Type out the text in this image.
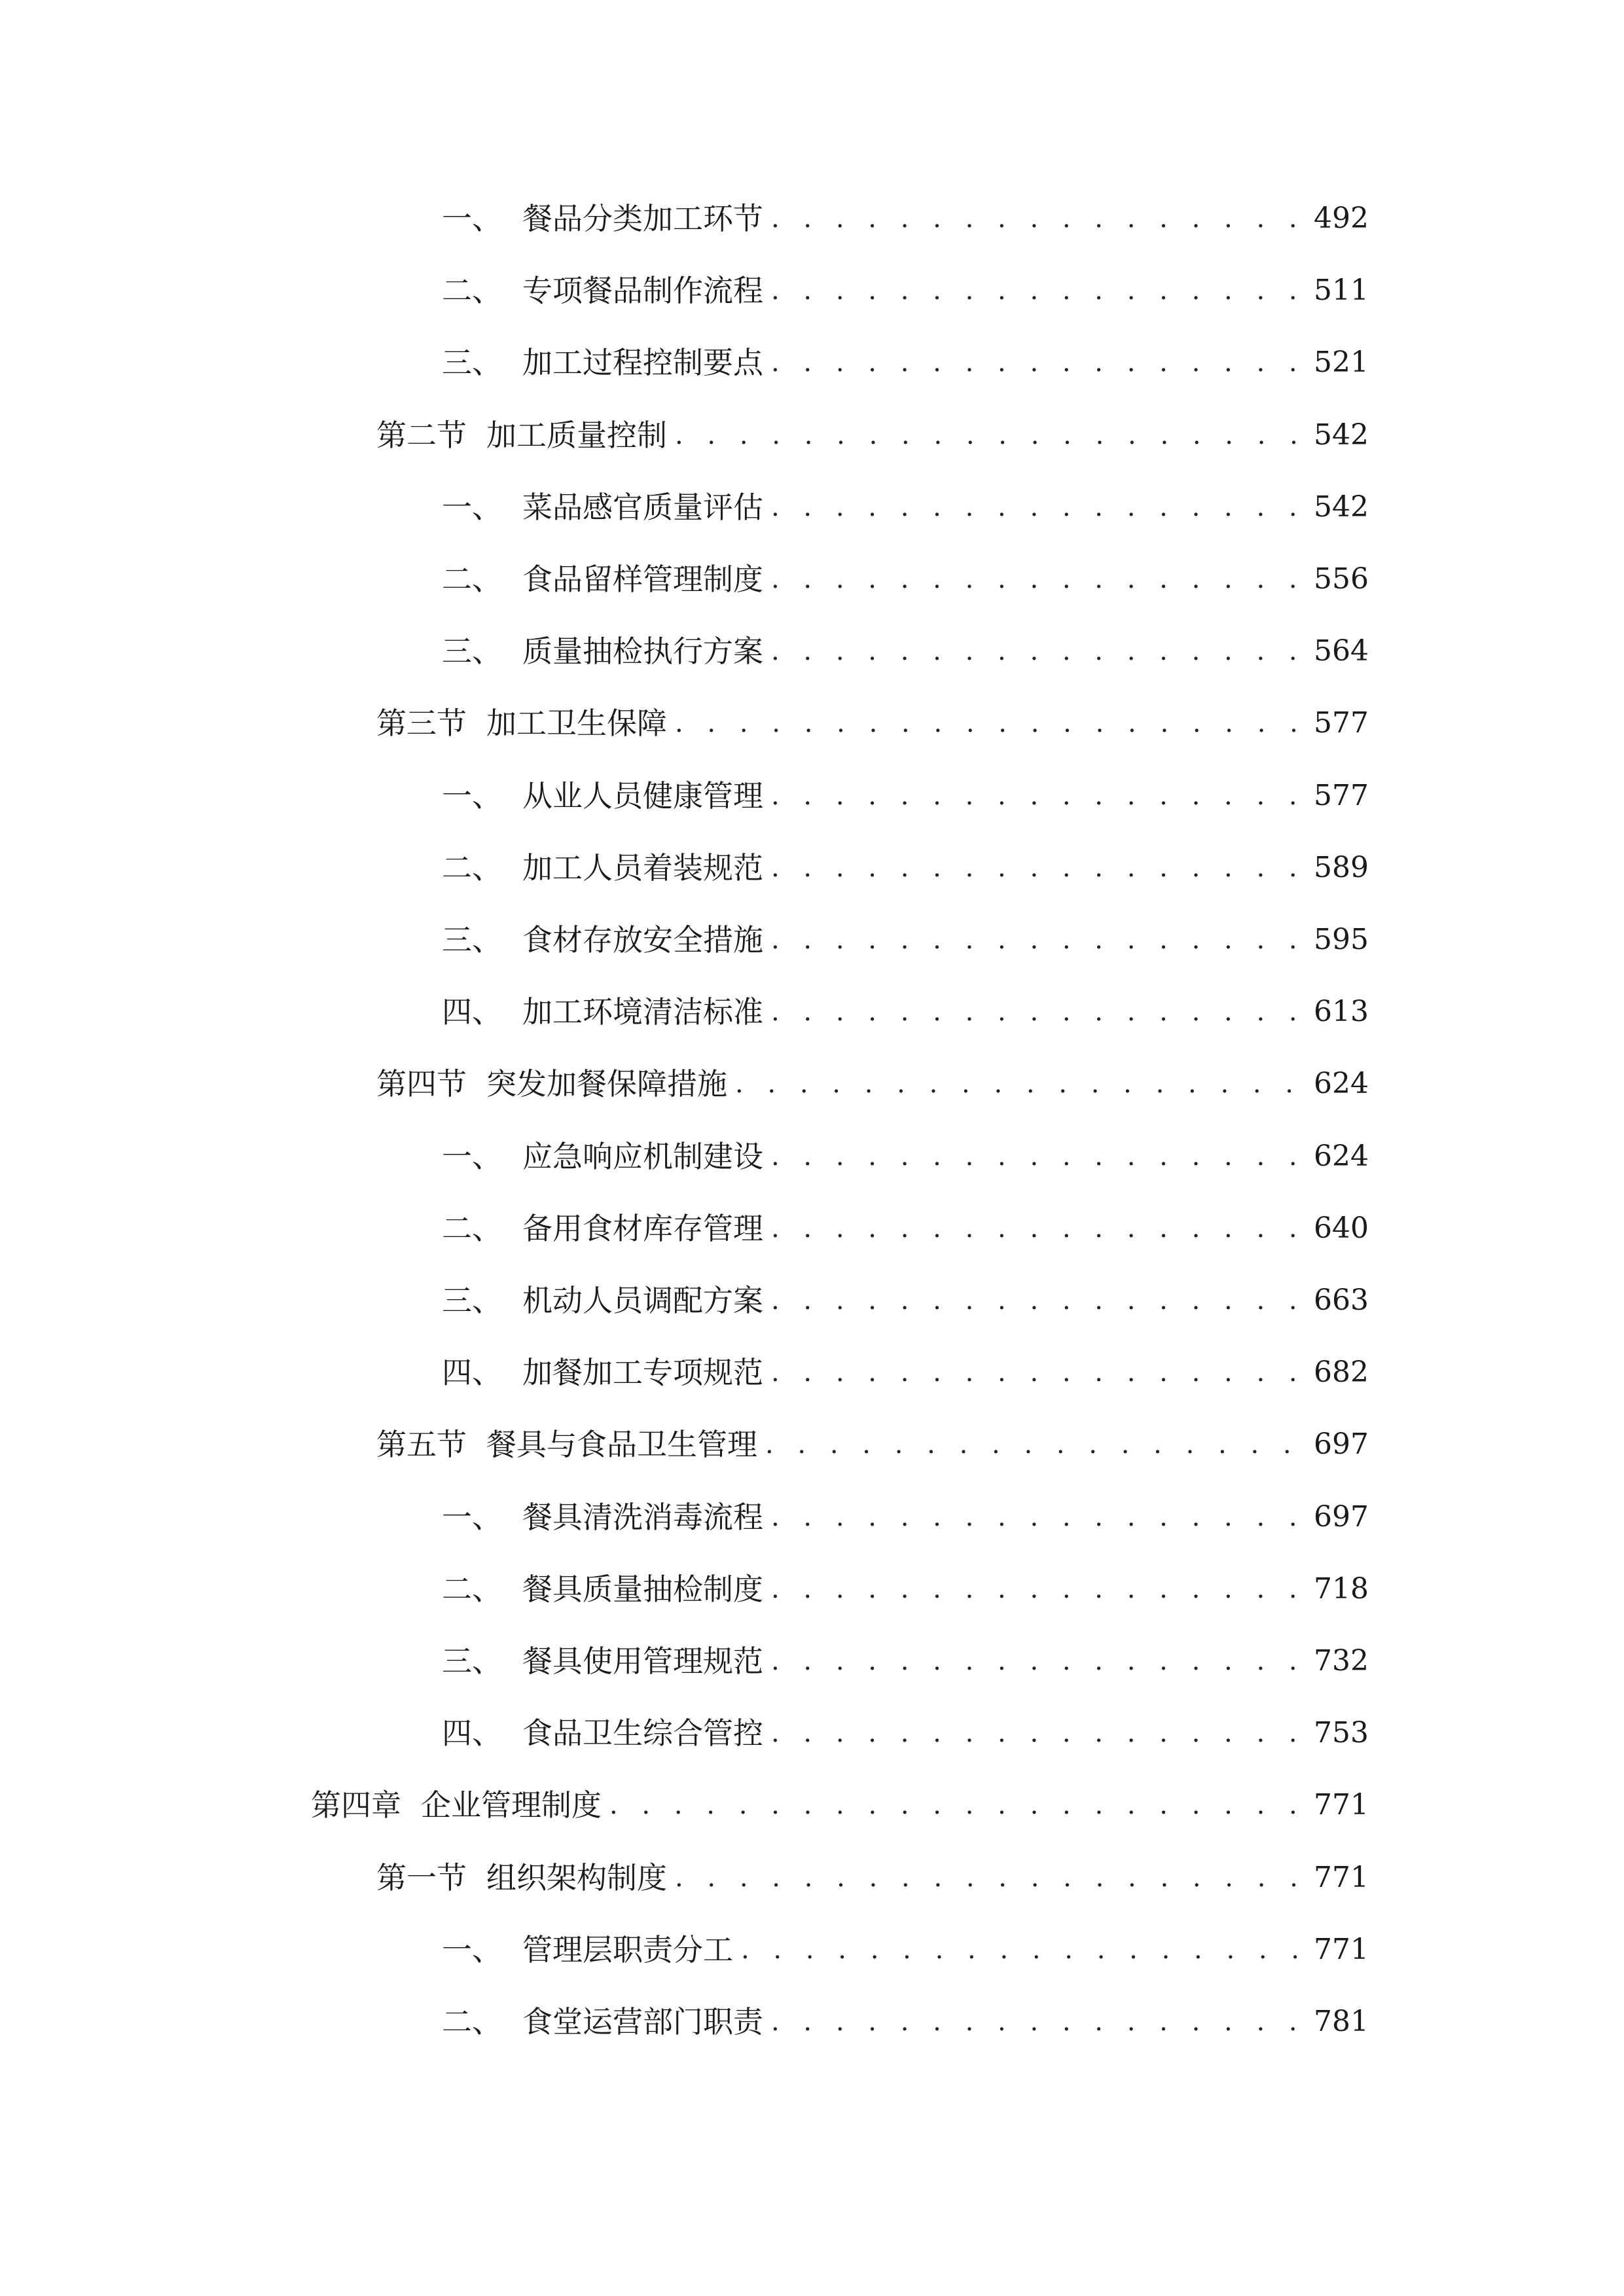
一、 餐品分类加工环节 . . .	492
二、 专项餐品制作流程 . . .	511
三、 加工过程控制要点 . . .	521
第二节 加工质量控制 . . .	542
一、 菜品感官质量评估 . . .	542
二、 食品留样管理制度 . . .	556
三、 质量抽检执行方案 . . .	564
第三节 加工卫生保障 . . .	577
一、 从业人员健康管理 . . .	577
二、 加工人员着装规范 . . .	589
三、 食材存放安全措施 . . .	595
四、 加工环境清洁标准 . . .	613
第四节 突发加餐保障措施 . . .	624
一、 应急响应机制建设 . . .	624
二、 备用食材库存管理 . . .	640
三、 机动人员调配方案 . . .	663
四、 加餐加工专项规范 . . .	682
第五节 餐具与食品卫生管理 . . .	697
一、 餐具清洗消毒流程 . . .	697
二、 餐具质量抽检制度 . . .	718
三、 餐具使用管理规范 . . .	732
四、 食品卫生综合管控 . . .	753
第四章 企业管理制度 . . .	771
第一节 组织架构制度 . . .	771
一、 管理层职责分工 . . .	771
二、 食堂运营部门职责 . . .	781
